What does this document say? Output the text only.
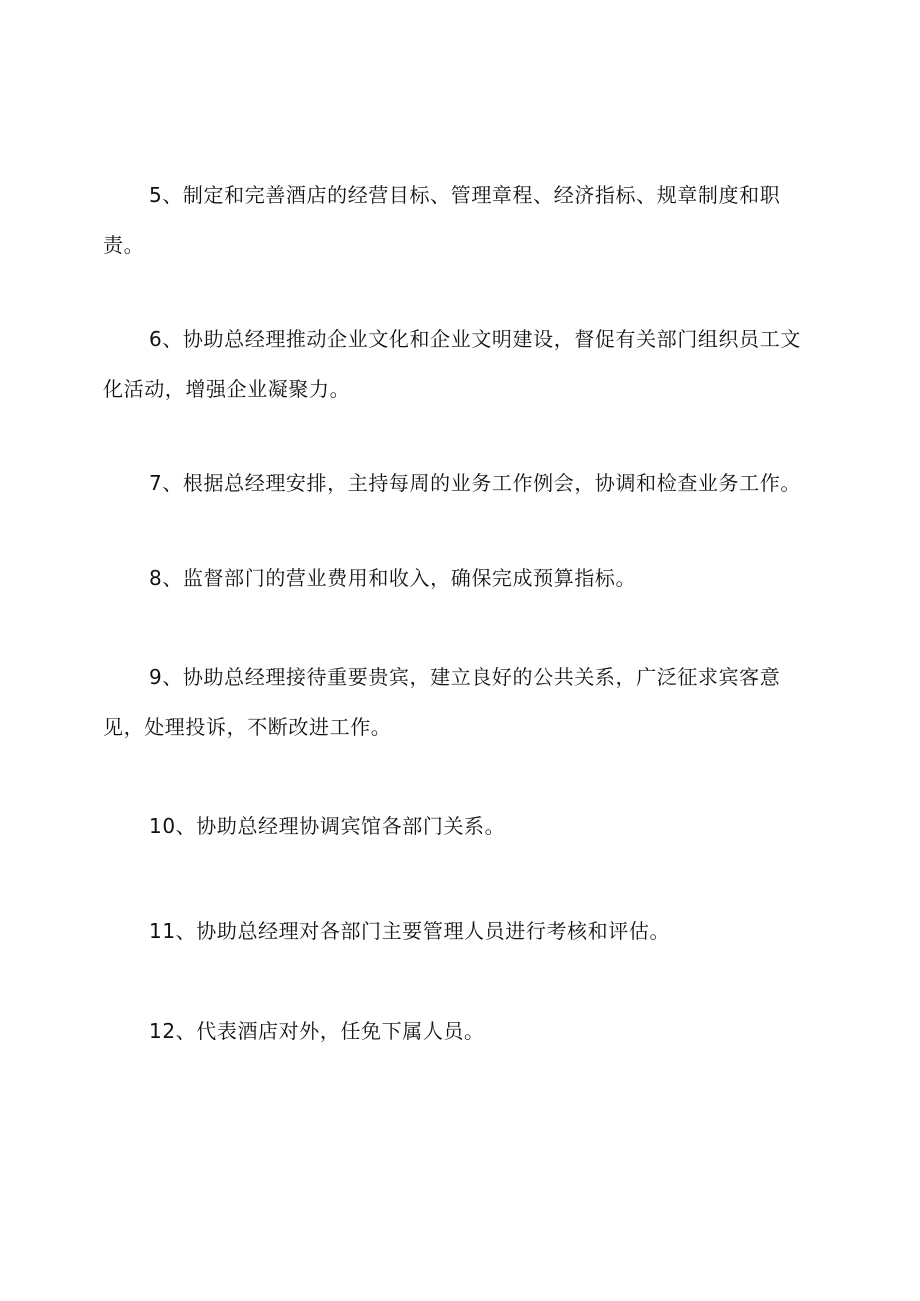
5、制定和完善酒店的经营目标、管理章程、经济指标、规章制度和职责。

6、协助总经理推动企业文化和企业文明建设，督促有关部门组织员工文化活动，增强企业凝聚力。

7、根据总经理安排，主持每周的业务工作例会，协调和检查业务工作。

8、监督部门的营业费用和收入，确保完成预算指标。

9、协助总经理接待重要贵宾，建立良好的公共关系，广泛征求宾客意见，处理投诉，不断改进工作。

10、协助总经理协调宾馆各部门关系。

11、协助总经理对各部门主要管理人员进行考核和评估。

12、代表酒店对外，任免下属人员。
